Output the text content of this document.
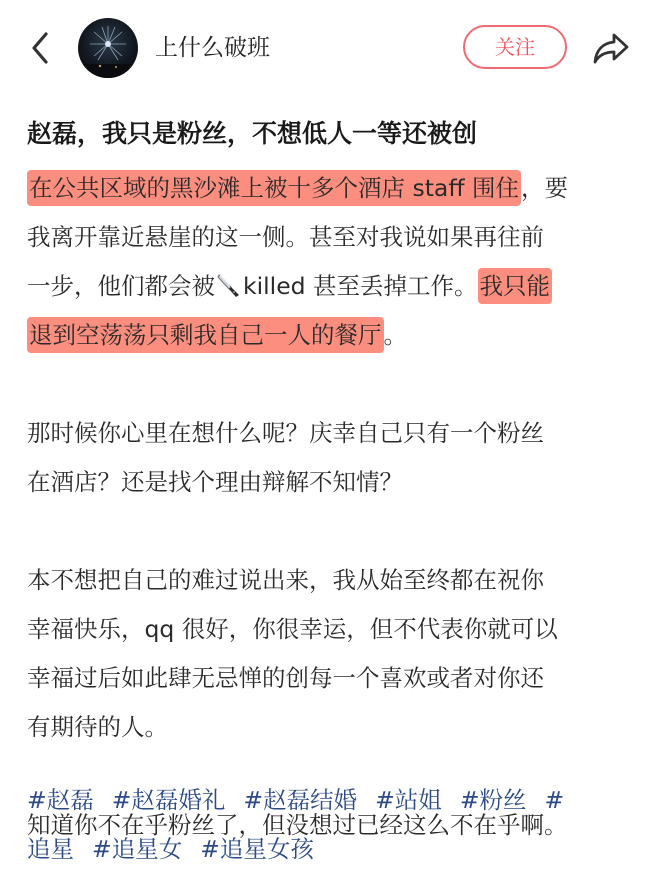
上什么破班	关注
赵磊，我只是粉丝，不想低人一等还被创
在公共区域的黑沙滩上被十多个酒店 staff 围住，要
我离开靠近悬崖的这一侧。甚至对我说如果再往前
一步，他们都会被 killed 甚至丢掉工作。我只能
退到空荡荡只剩我自己一人的餐厅。
那时候你心里在想什么呢？庆幸自己只有一个粉丝
在酒店？还是找个理由辩解不知情？
本不想把自己的难过说出来，我从始至终都在祝你
幸福快乐，qq 很好，你很幸运，但不代表你就可以
幸福过后如此肆无忌惮的创每一个喜欢或者对你还
有期待的人。
知道你不在乎粉丝了，但没想过已经这么不在乎啊。
#赵磊 #赵磊婚礼 #赵磊结婚 #站姐 #粉丝 #
追星 #追星女 #追星女孩
